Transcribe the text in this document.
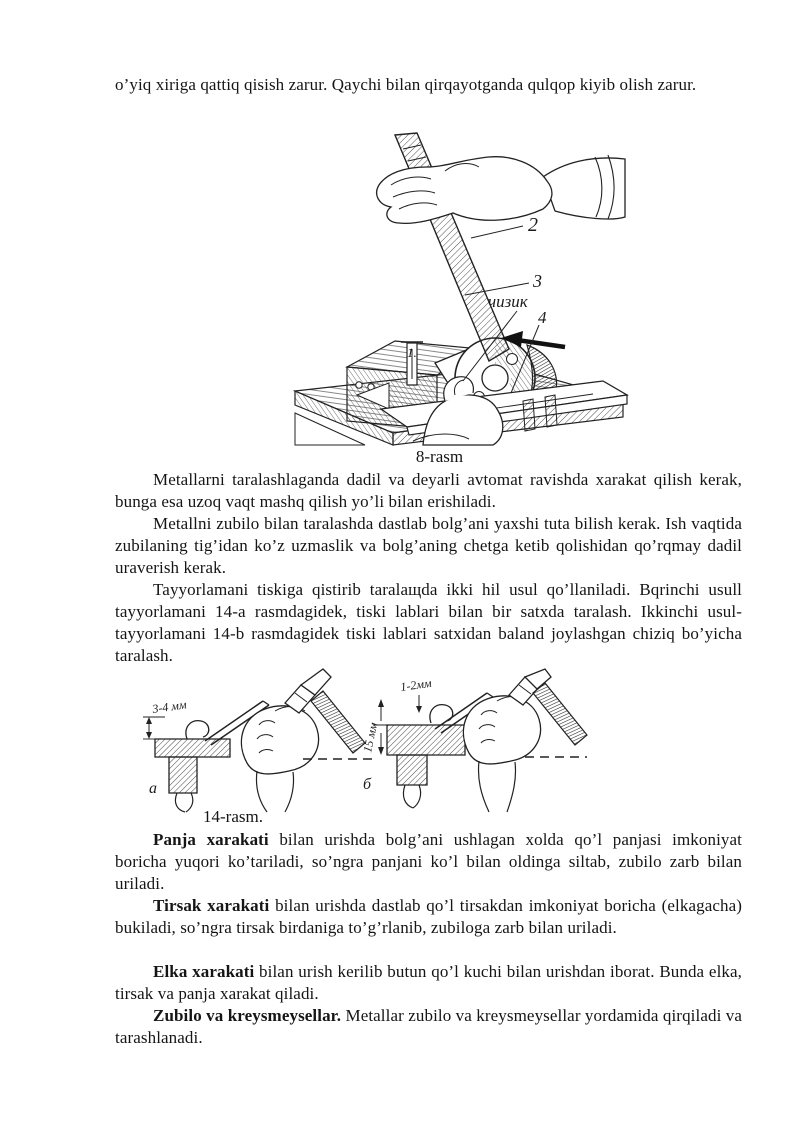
o’yiq xiriga qattiq qisish zarur. Qaychi bilan qirqayotganda qulqop kiyib olish zarur.

2
3
чизик
4
1.

8-rasm

Metallarni taralashlaganda dadil va deyarli avtomat ravishda xarakat qilish kerak, bunga esa uzoq vaqt mashq qilish yo’li bilan erishiladi.

Metallni zubilo bilan taralashda dastlab bolg’ani yaxshi tuta bilish kerak. Ish vaqtida zubilaning tig’idan ko’z uzmaslik va bolg’aning chetga ketib qolishidan qo’rqmay dadil uraverish kerak.

Tayyorlamani tiskiga qistirib taralaщda ikki hil usul qo’llaniladi. Bqrinchi usull tayyorlamani 14-a rasmdagidek, tiski lablari bilan bir satxda taralash. Ikkinchi usul-tayyorlamani 14-b rasmdagidek tiski lablari satxidan baland joylashgan chiziq bo’yicha taralash.

3-4 мм
а
1-2мм
15 мм
б

14-rasm.

Panja xarakati bilan urishda bolg’ani ushlagan xolda qo’l panjasi imkoniyat boricha yuqori ko’tariladi, so’ngra panjani ko’l bilan oldinga siltab, zubilo zarb bilan uriladi.

Tirsak xarakati bilan urishda dastlab qo’l tirsakdan imkoniyat boricha (elkagacha) bukiladi, so’ngra tirsak birdaniga to’g’rlanib, zubiloga zarb bilan uriladi.

Elka xarakati bilan urish kerilib butun qo’l kuchi bilan urishdan iborat. Bunda elka, tirsak va panja xarakat qiladi.

Zubilo va kreysmeysellar. Metallar zubilo va kreysmeysellar yordamida qirqiladi va tarashlanadi.
